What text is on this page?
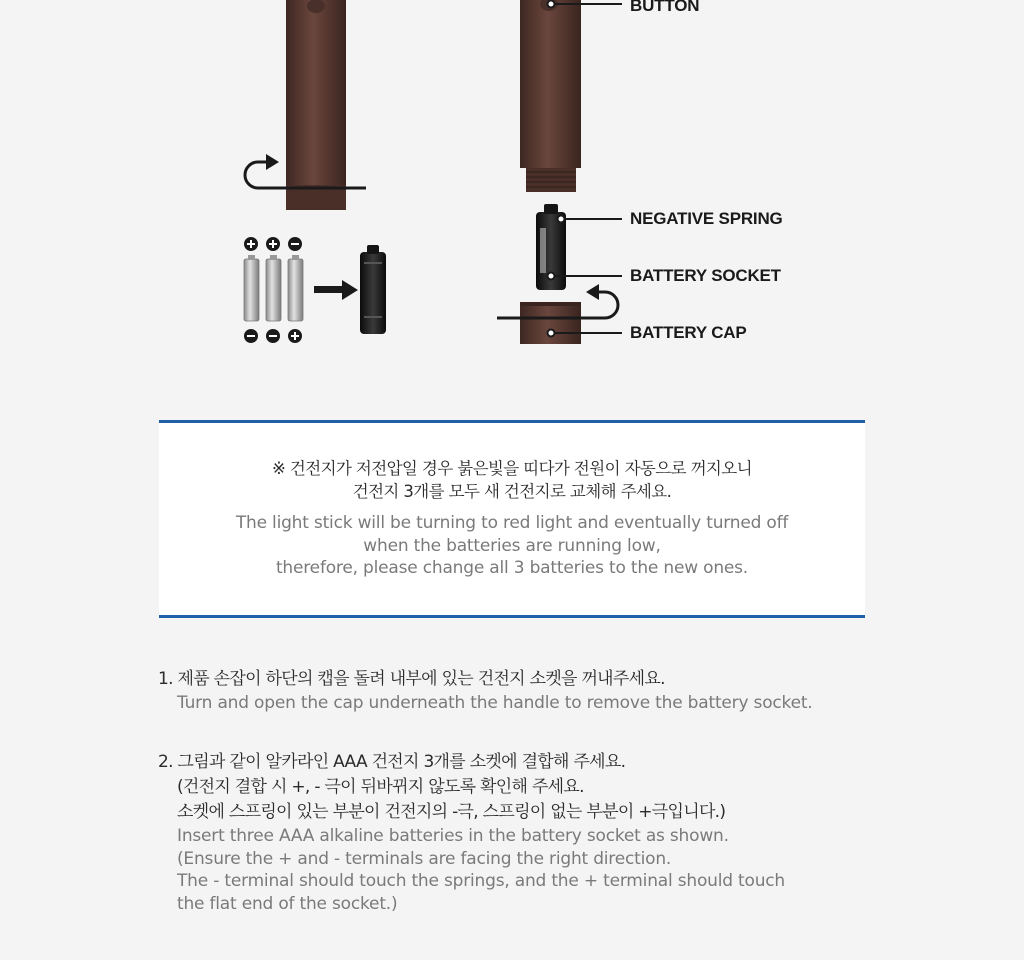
BUTTON
NEGATIVE SPRING
BATTERY SOCKET
BATTERY CAP
※ 건전지가 저전압일 경우 붉은빛을 띠다가 전원이 자동으로 꺼지오니
건전지 3개를 모두 새 건전지로 교체해 주세요.
The light stick will be turning to red light and eventually turned off
when the batteries are running low,
therefore, please change all 3 batteries to the new ones.
1. 제품 손잡이 하단의 캡을 돌려 내부에 있는 건전지 소켓을 꺼내주세요.
Turn and open the cap underneath the handle to remove the battery socket.
2. 그림과 같이 알카라인 AAA 건전지 3개를 소켓에 결합해 주세요.
(건전지 결합 시 +, - 극이 뒤바뀌지 않도록 확인해 주세요.
소켓에 스프링이 있는 부분이 건전지의 -극, 스프링이 없는 부분이 +극입니다.)
Insert three AAA alkaline batteries in the battery socket as shown.
(Ensure the + and - terminals are facing the right direction.
The - terminal should touch the springs, and the + terminal should touch
the flat end of the socket.)
